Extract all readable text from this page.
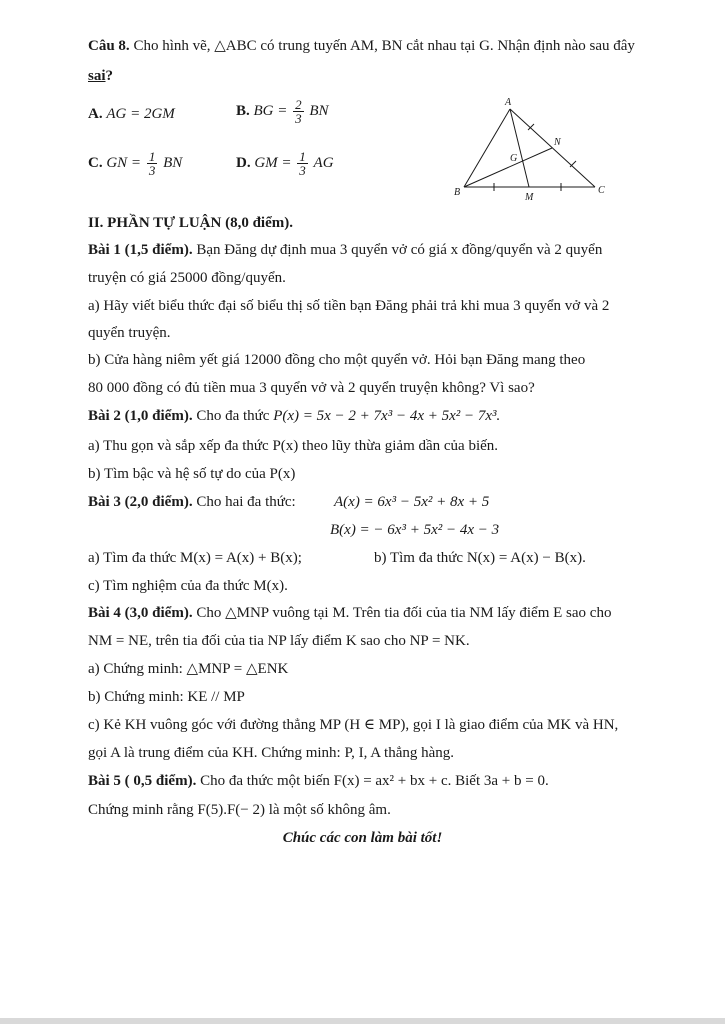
Câu 8. Cho hình vẽ, △ABC có trung tuyến AM, BN cắt nhau tại G. Nhận định nào sau đây
sai?
A. AG = 2GM	B. BG = $\frac{2}{3}$ BN
C. GN = $\frac{1}{3}$ BN	D. GM = $\frac{1}{3}$ AG
A
B	C
M
N
G
II. PHẦN TỰ LUẬN (8,0 điểm).
Bài 1 (1,5 điểm). Bạn Đăng dự định mua 3 quyển vở có giá x đồng/quyển và 2 quyển
truyện có giá 25000 đồng/quyển.
a) Hãy viết biểu thức đại số biểu thị số tiền bạn Đăng phải trả khi mua 3 quyển vở và 2
quyển truyện.
b) Cửa hàng niêm yết giá 12000 đồng cho một quyển vở. Hỏi bạn Đăng mang theo
80 000 đồng có đủ tiền mua 3 quyển vở và 2 quyển truyện không? Vì sao?
Bài 2 (1,0 điểm). Cho đa thức P(x) = 5x − 2 + 7x³ − 4x + 5x² − 7x³.
a) Thu gọn và sắp xếp đa thức P(x) theo lũy thừa giảm dần của biến.
b) Tìm bậc và hệ số tự do của P(x)
Bài 3 (2,0 điểm). Cho hai đa thức:	A(x) = 6x³ − 5x² + 8x + 5
B(x) = − 6x³ + 5x² − 4x − 3
a) Tìm đa thức M(x) = A(x) + B(x);	b) Tìm đa thức N(x) = A(x) − B(x).
c) Tìm nghiệm của đa thức M(x).
Bài 4 (3,0 điểm). Cho △MNP vuông tại M. Trên tia đối của tia NM lấy điểm E sao cho
NM = NE, trên tia đối của tia NP lấy điểm K sao cho NP = NK.
a) Chứng minh: △MNP = △ENK
b) Chứng minh: KE // MP
c) Kẻ KH vuông góc với đường thẳng MP (H ∈ MP), gọi I là giao điểm của MK và HN,
gọi A là trung điểm của KH. Chứng minh: P, I, A thẳng hàng.
Bài 5 ( 0,5 điểm). Cho đa thức một biến F(x) = ax² + bx + c. Biết 3a + b = 0.
Chứng minh rằng F(5).F(− 2) là một số không âm.
Chúc các con làm bài tốt!
